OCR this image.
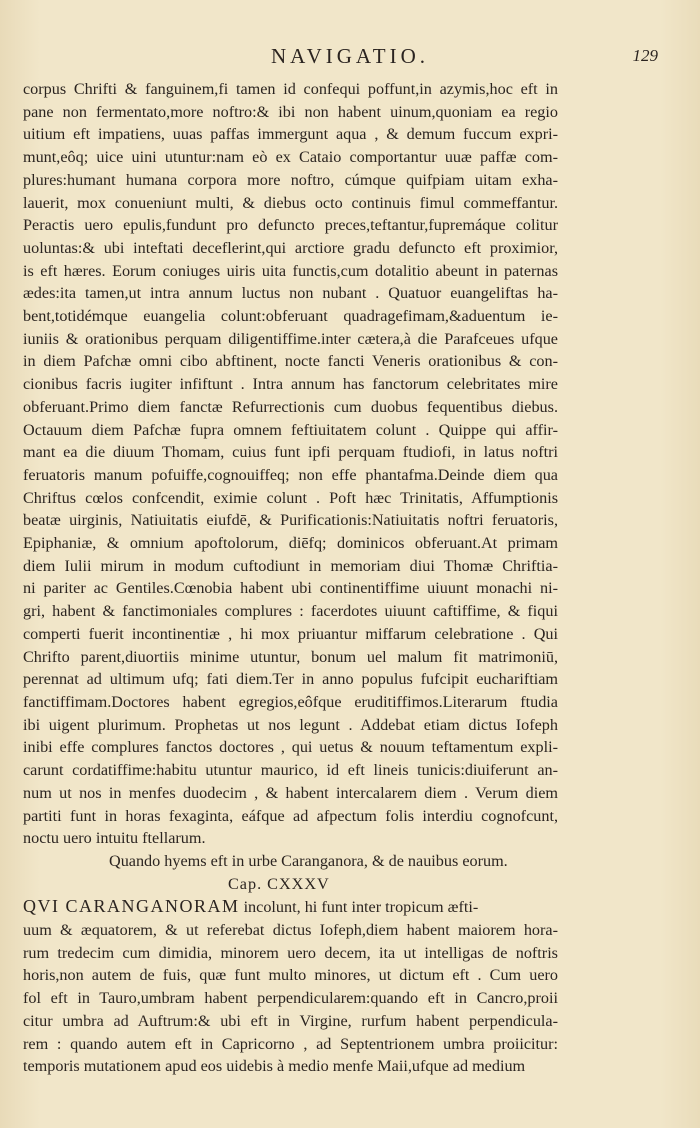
NAVIGATIO.	129
corpus Chrifti & fanguinem,fi tamen id confequi poffunt,in azymis,hoc eft in
pane non fermentato,more noftro:& ibi non habent uinum,quoniam ea regio
uitium eft impatiens, uuas paffas immergunt aqua , & demum fuccum expri-
munt,eôq; uice uini utuntur:nam eò ex Cataio comportantur uuæ paffæ com-
plures:humant humana corpora more noftro, cúmque quifpiam uitam exha-
lauerit, mox conueniunt multi, & diebus octo continuis fimul commeffantur.
Peractis uero epulis,fundunt pro defuncto preces,teftantur,fupremáque colitur
uoluntas:& ubi inteftati deceflerint,qui arctiore gradu defuncto eft proximior,
is eft hæres. Eorum coniuges uiris uita functis,cum dotalitio abeunt in paternas
ædes:ita tamen,ut intra annum luctus non nubant . Quatuor euangeliftas ha-
bent,totidémque euangelia colunt:obferuant quadragefimam,&aduentum ie-
iuniis & orationibus perquam diligentiffime.inter cætera,à die Parafceues ufque
in diem Pafchæ omni cibo abftinent, nocte fancti Veneris orationibus & con-
cionibus facris iugiter infiftunt . Intra annum has fanctorum celebritates mire
obferuant.Primo diem fanctæ Refurrectionis cum duobus fequentibus diebus.
Octauum diem Pafchæ fupra omnem feftiuitatem colunt . Quippe qui affir-
mant ea die diuum Thomam, cuius funt ipfi perquam ftudiofi, in latus noftri
feruatoris manum pofuiffe,cognouiffeq; non effe phantafma.Deinde diem qua
Chriftus cœlos confcendit, eximie colunt . Poft hæc Trinitatis, Affumptionis
beatæ uirginis, Natiuitatis eiufdē, & Purificationis:Natiuitatis noftri feruatoris,
Epiphaniæ, & omnium apoftolorum, diēfq; dominicos obferuant.At primam
diem Iulii mirum in modum cuftodiunt in memoriam diui Thomæ Chriftia-
ni pariter ac Gentiles.Cœnobia habent ubi continentiffime uiuunt monachi ni-
gri, habent & fanctimoniales complures : facerdotes uiuunt caftiffime, & fiqui
comperti fuerit incontinentiæ , hi mox priuantur miffarum celebratione . Qui
Chrifto parent,diuortiis minime utuntur, bonum uel malum fit matrimoniū,
perennat ad ultimum ufq; fati diem.Ter in anno populus fufcipit euchariftiam
fanctiffimam.Doctores habent egregios,eôfque eruditiffimos.Literarum ftudia
ibi uigent plurimum. Prophetas ut nos legunt . Addebat etiam dictus Iofeph
inibi effe complures fanctos doctores , qui uetus & nouum teftamentum expli-
carunt cordatiffime:habitu utuntur maurico, id eft lineis tunicis:diuiferunt an-
num ut nos in menfes duodecim , & habent intercalarem diem . Verum diem
partiti funt in horas fexaginta, eáfque ad afpectum folis interdiu cognofcunt,
noctu uero intuitu ftellarum.
Quando hyems eft in urbe Caranganora, & de nauibus eorum.
Cap. CXXXV
QVI CARANGANORAM incolunt, hi funt inter tropicum æfti-
uum & æquatorem, & ut referebat dictus Iofeph,diem habent maiorem hora-
rum tredecim cum dimidia, minorem uero decem, ita ut intelligas de noftris
horis,non autem de fuis, quæ funt multo minores, ut dictum eft . Cum uero
fol eft in Tauro,umbram habent perpendicularem:quando eft in Cancro,proii
citur umbra ad Auftrum:& ubi eft in Virgine, rurfum habent perpendicula-
rem : quando autem eft in Capricorno , ad Septentrionem umbra proiicitur:
temporis mutationem apud eos uidebis à medio menfe Maii,ufque ad medium
